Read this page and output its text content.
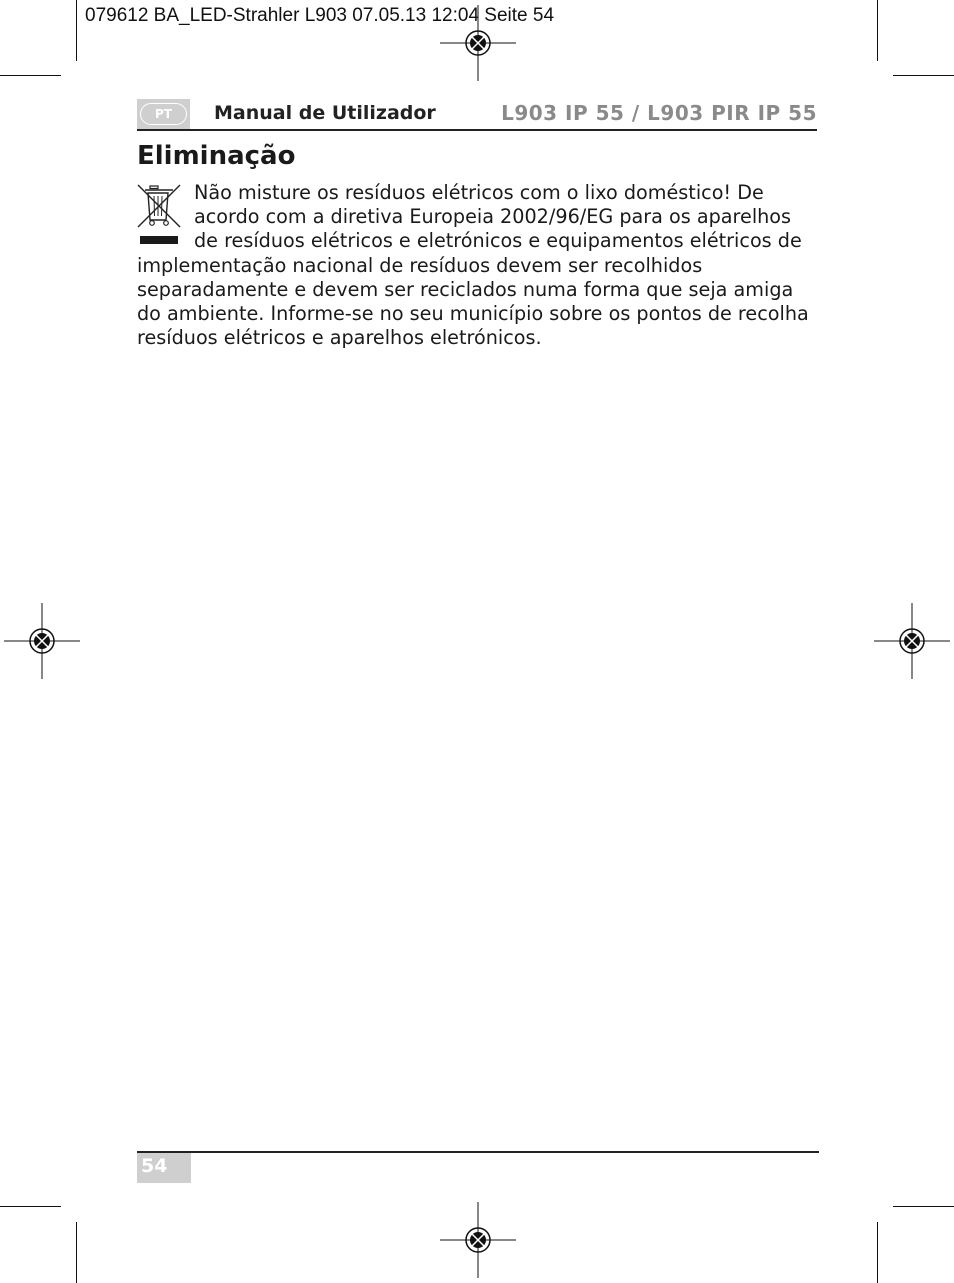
079612 BA_LED-Strahler L903 07.05.13 12:04 Seite 54
PT	Manual de Utilizador	L903 IP 55 / L903 PIR IP 55
Eliminação

Não misture os resíduos elétricos com o lixo doméstico! De acordo com a diretiva Europeia 2002/96/EG para os aparelhos de resíduos elétricos e eletrónicos e equipamentos elétricos de implementação nacional de resíduos devem ser recolhidos separadamente e devem ser reciclados numa forma que seja amiga do ambiente. Informe-se no seu município sobre os pontos de recolha resíduos elétricos e aparelhos eletrónicos.

54
